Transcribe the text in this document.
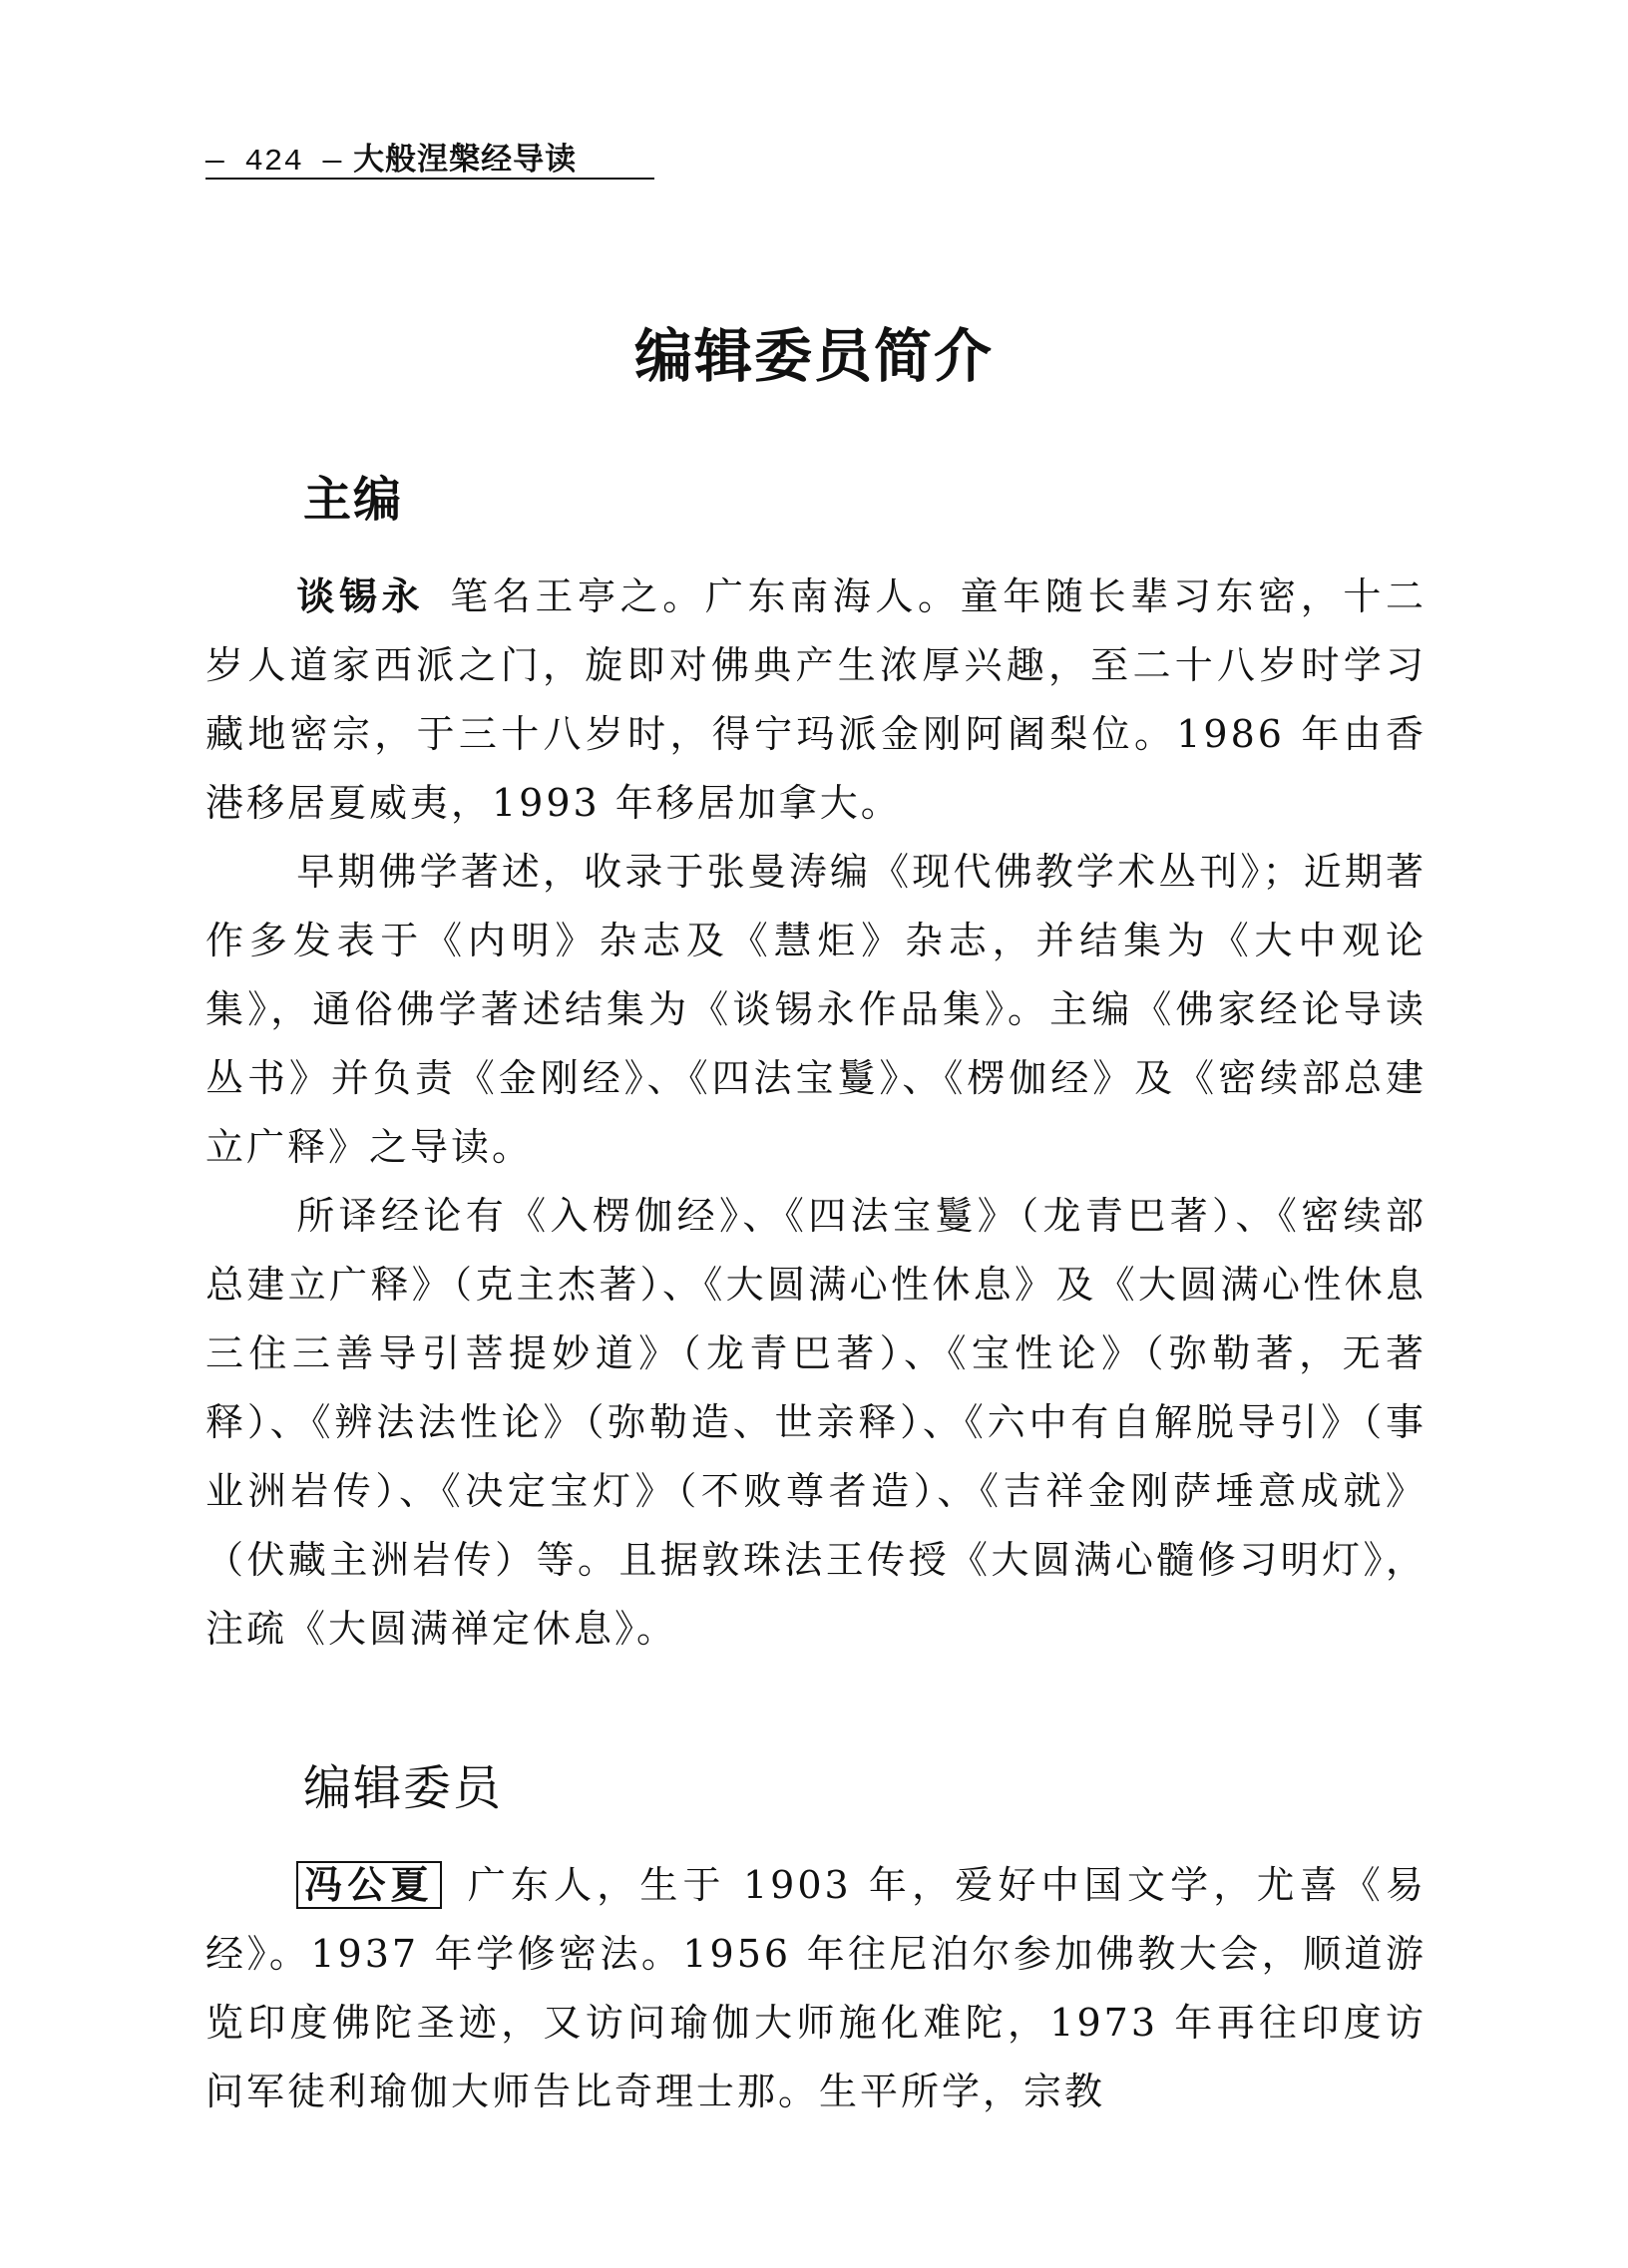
— 424 — 大般涅槃经导读
编辑委员简介
主编

谈锡永 笔名王亭之。广东南海人。童年随长辈习东密，十二岁人道家西派之门，旋即对佛典产生浓厚兴趣，至二十八岁时学习藏地密宗，于三十八岁时，得宁玛派金刚阿阇梨位。1986 年由香港移居夏威夷，1993 年移居加拿大。

早期佛学著述，收录于张曼涛编《现代佛教学术丛刊》；近期著作多发表于《内明》杂志及《慧炬》杂志，并结集为《大中观论集》，通俗佛学著述结集为《谈锡永作品集》。主编《佛家经论导读丛书》并负责《金刚经》、《四法宝鬘》、《楞伽经》及《密续部总建立广释》之导读。

所译经论有《入楞伽经》、《四法宝鬘》（龙青巴著）、《密续部总建立广释》（克主杰著）、《大圆满心性休息》及《大圆满心性休息三住三善导引菩提妙道》（龙青巴著）、《宝性论》（弥勒著，无著释）、《辨法法性论》（弥勒造、世亲释）、《六中有自解脱导引》（事业洲岩传）、《决定宝灯》（不败尊者造）、《吉祥金刚萨埵意成就》（伏藏主洲岩传）等。且据敦珠法王传授《大圆满心髓修习明灯》，注疏《大圆满禅定休息》。

编辑委员

冯公夏 广东人，生于 1903 年，爱好中国文学，尤喜《易经》。1937 年学修密法。1956 年往尼泊尔参加佛教大会，顺道游览印度佛陀圣迹，又访问瑜伽大师施化难陀，1973 年再往印度访问军徒利瑜伽大师告比奇理士那。生平所学，宗教
